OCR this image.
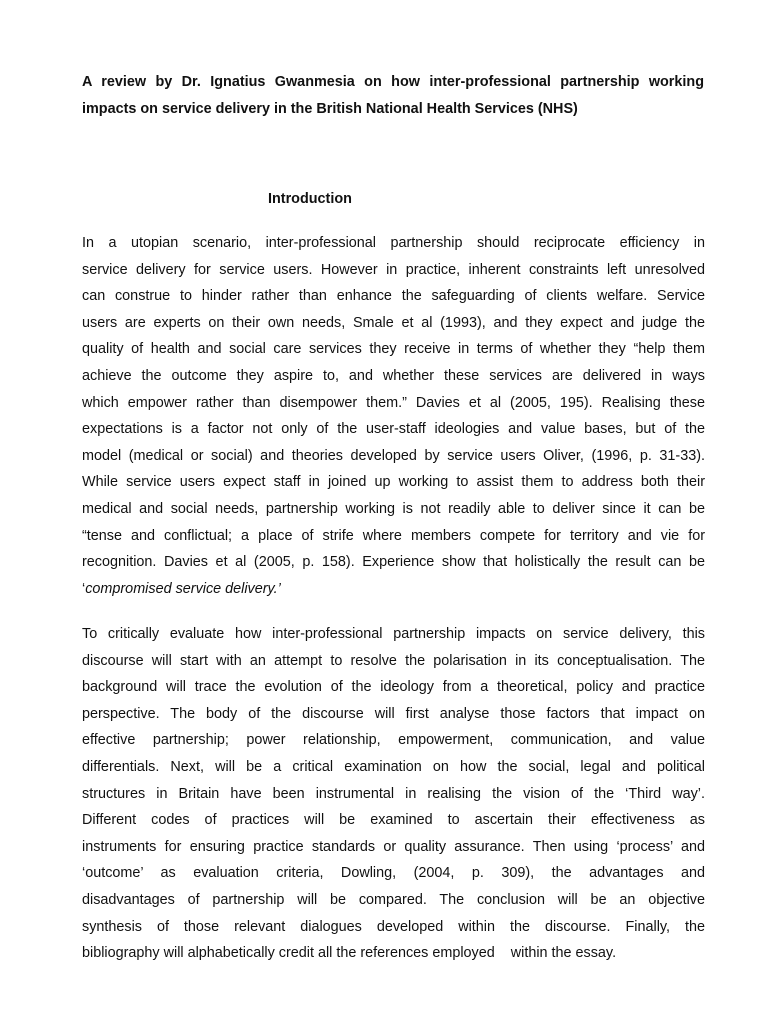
A review by Dr. Ignatius Gwanmesia on how inter-professional partnership working impacts on service delivery in the British National Health Services (NHS)

Introduction

In a utopian scenario, inter-professional partnership should reciprocate efficiency in
service delivery for service users. However in practice, inherent constraints left unresolved
can construe to hinder rather than enhance the safeguarding of clients welfare. Service
users are experts on their own needs, Smale et al (1993), and they expect and judge the
quality of health and social care services they receive in terms of whether they “help them
achieve the outcome they aspire to, and whether these services are delivered in ways
which empower rather than disempower them.” Davies et al (2005, 195). Realising these
expectations is a factor not only of the user-staff ideologies and value bases, but of the
model (medical or social) and theories developed by service users Oliver, (1996, p. 31-33).
While service users expect staff in joined up working to assist them to address both their
medical and social needs, partnership working is not readily able to deliver since it can be
“tense and conflictual; a place of strife where members compete for territory and vie for
recognition. Davies et al (2005, p. 158). Experience show that holistically the result can be
‘compromised service delivery.’
To critically evaluate how inter-professional partnership impacts on service delivery, this
discourse will start with an attempt to resolve the polarisation in its conceptualisation. The
background will trace the evolution of the ideology from a theoretical, policy and practice
perspective. The body of the discourse will first analyse those factors that impact on
effective partnership; power relationship, empowerment, communication, and value
differentials. Next, will be a critical examination on how the social, legal and political
structures in Britain have been instrumental in realising the vision of the ‘Third way’.
Different codes of practices will be examined to ascertain their effectiveness as
instruments for ensuring practice standards or quality assurance. Then using ‘process’ and
‘outcome’ as evaluation criteria, Dowling, (2004, p. 309), the advantages and
disadvantages of partnership will be compared. The conclusion will be an objective
synthesis of those relevant dialogues developed within the discourse. Finally, the
bibliography will alphabetically credit all the references employed    within the essay.
